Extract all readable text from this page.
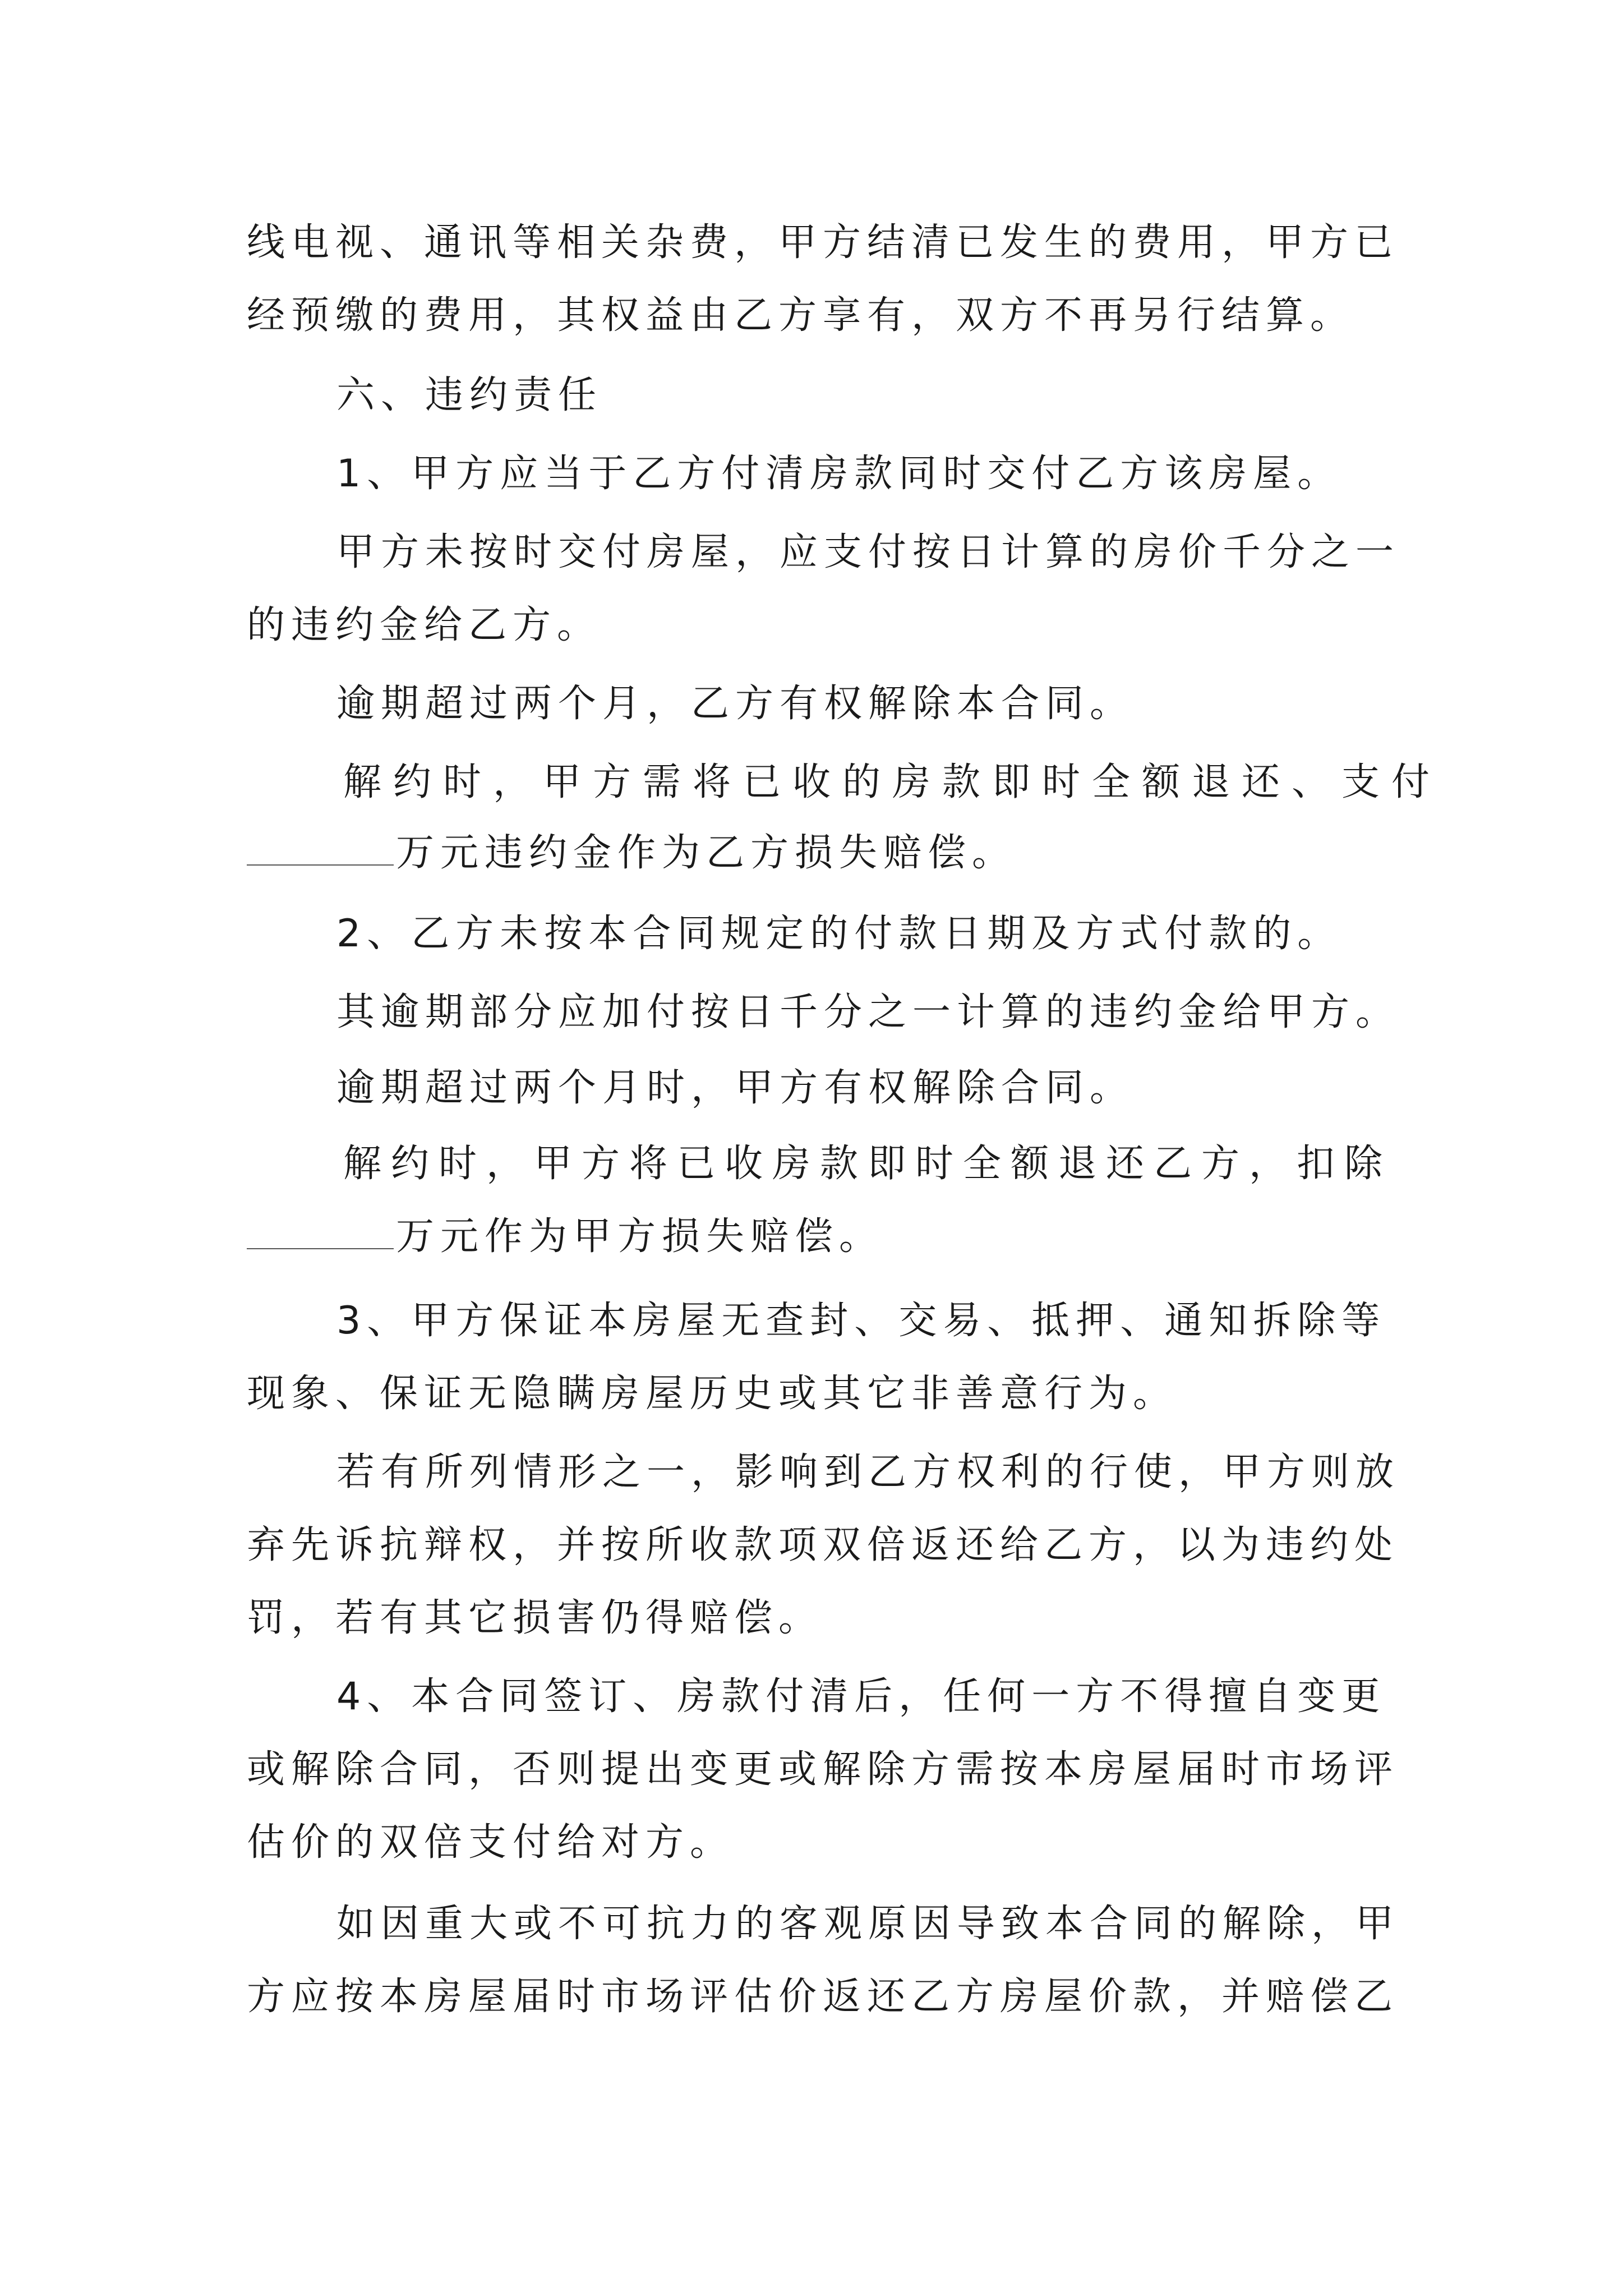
线电视、通讯等相关杂费，甲方结清已发生的费用，甲方已
经预缴的费用，其权益由乙方享有，双方不再另行结算。
六、违约责任
1、甲方应当于乙方付清房款同时交付乙方该房屋。
甲方未按时交付房屋，应支付按日计算的房价千分之一
的违约金给乙方。
逾期超过两个月，乙方有权解除本合同。
解约时，甲方需将已收的房款即时全额退还、支付
万元违约金作为乙方损失赔偿。
2、乙方未按本合同规定的付款日期及方式付款的。
其逾期部分应加付按日千分之一计算的违约金给甲方。
逾期超过两个月时，甲方有权解除合同。
解约时，甲方将已收房款即时全额退还乙方，扣除
万元作为甲方损失赔偿。
3、甲方保证本房屋无查封、交易、抵押、通知拆除等
现象、保证无隐瞒房屋历史或其它非善意行为。
若有所列情形之一，影响到乙方权利的行使，甲方则放
弃先诉抗辩权，并按所收款项双倍返还给乙方，以为违约处
罚，若有其它损害仍得赔偿。
4、本合同签订、房款付清后，任何一方不得擅自变更
或解除合同，否则提出变更或解除方需按本房屋届时市场评
估价的双倍支付给对方。
如因重大或不可抗力的客观原因导致本合同的解除，甲
方应按本房屋届时市场评估价返还乙方房屋价款，并赔偿乙
